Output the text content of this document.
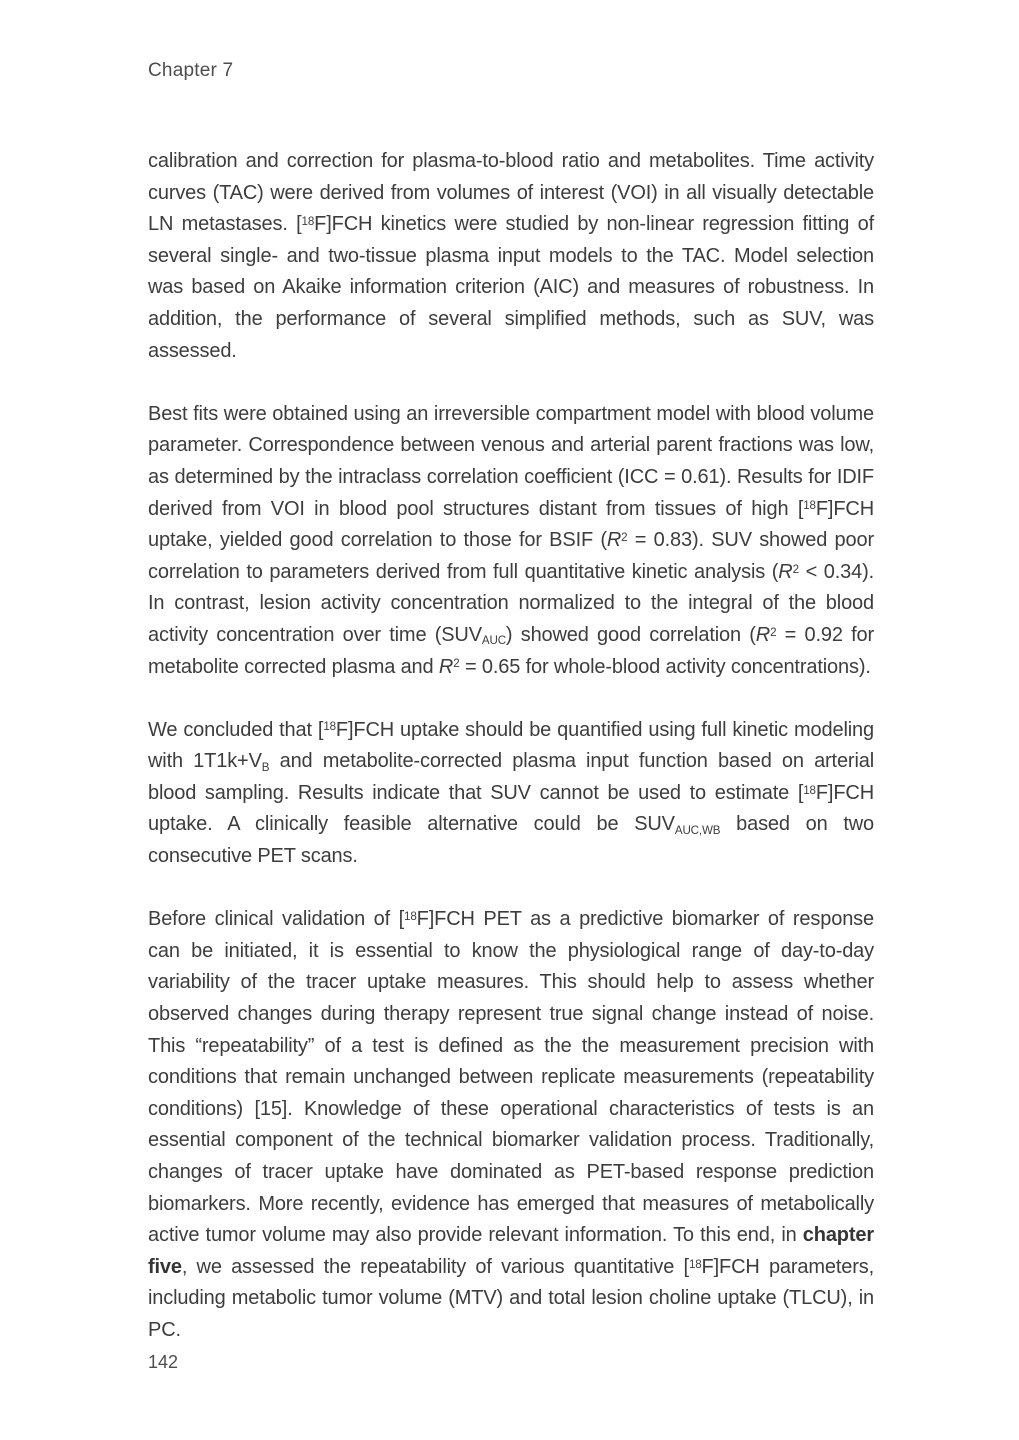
Chapter 7

calibration and correction for plasma-to-blood ratio and metabolites. Time activity curves (TAC) were derived from volumes of interest (VOI) in all visually detectable LN metastases. [$^{18}$F]FCH kinetics were studied by non-linear regression fitting of several single- and two-tissue plasma input models to the TAC. Model selection was based on Akaike information criterion (AIC) and measures of robustness. In addition, the performance of several simplified methods, such as SUV, was assessed.

Best fits were obtained using an irreversible compartment model with blood volume parameter. Correspondence between venous and arterial parent fractions was low, as determined by the intraclass correlation coefficient (ICC = 0.61). Results for IDIF derived from VOI in blood pool structures distant from tissues of high [$^{18}$F]FCH uptake, yielded good correlation to those for BSIF $(R^2 = 0.83)$. SUV showed poor correlation to parameters derived from full quantitative kinetic analysis $(R^2 < 0.34)$. In contrast, lesion activity concentration normalized to the integral of the blood activity concentration over time $(SUV_{AUC})$ showed good correlation ($R^2 = 0.92$ for metabolite corrected plasma and $R^2 = 0.65$ for whole-blood activity concentrations).

We concluded that [$^{18}$F]FCH uptake should be quantified using full kinetic modeling with $1T1k+V_B$ and metabolite-corrected plasma input function based on arterial blood sampling. Results indicate that SUV cannot be used to estimate [$^{18}$F]FCH uptake. A clinically feasible alternative could be $SUV_{AUC,WB}$ based on two consecutive PET scans.

Before clinical validation of [$^{18}$F]FCH PET as a predictive biomarker of response can be initiated, it is essential to know the physiological range of day-to-day variability of the tracer uptake measures. This should help to assess whether observed changes during therapy represent true signal change instead of noise. This “repeatability” of a test is defined as the the measurement precision with conditions that remain unchanged between replicate measurements (repeatability conditions) [15]. Knowledge of these operational characteristics of tests is an essential component of the technical biomarker validation process. Traditionally, changes of tracer uptake have dominated as PET-based response prediction biomarkers. More recently, evidence has emerged that measures of metabolically active tumor volume may also provide relevant information. To this end, in chapter five, we assessed the repeatability of various quantitative [$^{18}$F]FCH parameters, including metabolic tumor volume (MTV) and total lesion choline uptake (TLCU), in PC.

142
